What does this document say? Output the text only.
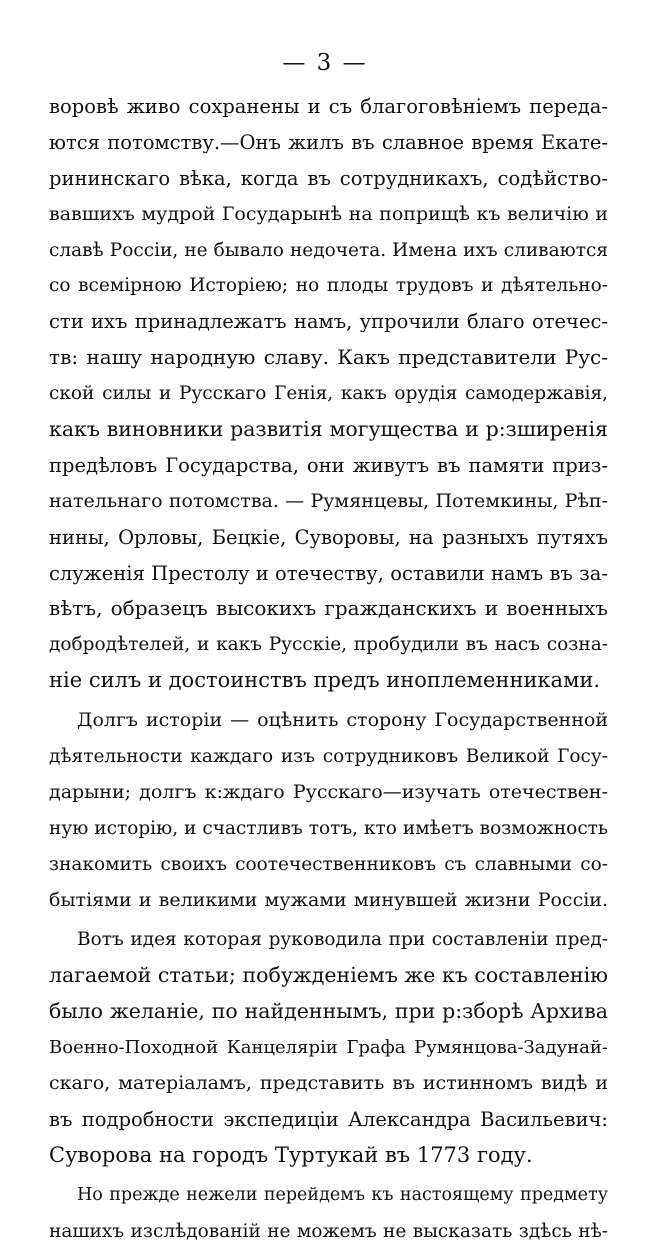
— 3 —
воровѣ живо сохранены и съ благоговѣніемъ переда-
ются потомству.—Онъ жилъ въ славное время Екате-
рининскаго вѣка, когда въ сотрудникахъ, содѣйство-
вавшихъ мудрой Государынѣ на поприщѣ къ величію и
славѣ Россіи, не бывало недочета. Имена ихъ сливаются
со всемірною Исторіею; но плоды трудовъ и дѣятельно-
сти ихъ принадлежатъ намъ, упрочили благо отечес-
тв: нашу народную славу. Какъ представители Рус-
ской силы и Русскаго Генія, какъ орудія самодержавія,
какъ виновники развитія могущества и р:зширенія
предѣловъ Государства, они живутъ въ памяти приз-
нательнаго потомства. — Румянцевы, Потемкины, Рѣп-
нины, Орловы, Бецкіе, Суворовы, на разныхъ путяхъ
служенія Престолу и отечеству, оставили намъ въ за-
вѣтъ, образецъ высокихъ гражданскихъ и военныхъ
добродѣтелей, и какъ Русскіе, пробудили въ насъ созна-
ніе силъ и достоинствъ предъ иноплеменниками.
Долгъ исторіи — оцѣнить сторону Государственной
дѣятельности каждаго изъ сотрудниковъ Великой Госу-
дарыни; долгъ к:ждаго Русскаго—изучать отечествен-
ную исторію, и счастливъ тотъ, кто имѣетъ возможность
знакомить своихъ соотечественниковъ съ славными со-
бытіями и великими мужами минувшей жизни Россіи.
Вотъ идея которая руководила при составленіи пред-
лагаемой статьи; побужденіемъ же къ составленію
было желаніе, по найденнымъ, при р:зборѣ Архива
Военно-Походной Канцеляріи Графа Румянцова-Задунай-
скаго, матеріаламъ, представить въ истинномъ видѣ и
въ подробности экспедиціи Александра Васильевич:
Суворова на городъ Туртукай въ 1773 году.
Но прежде нежели перейдемъ къ настоящему предмету
нашихъ изслѣдованій не можемъ не высказать здѣсь нѣ-
